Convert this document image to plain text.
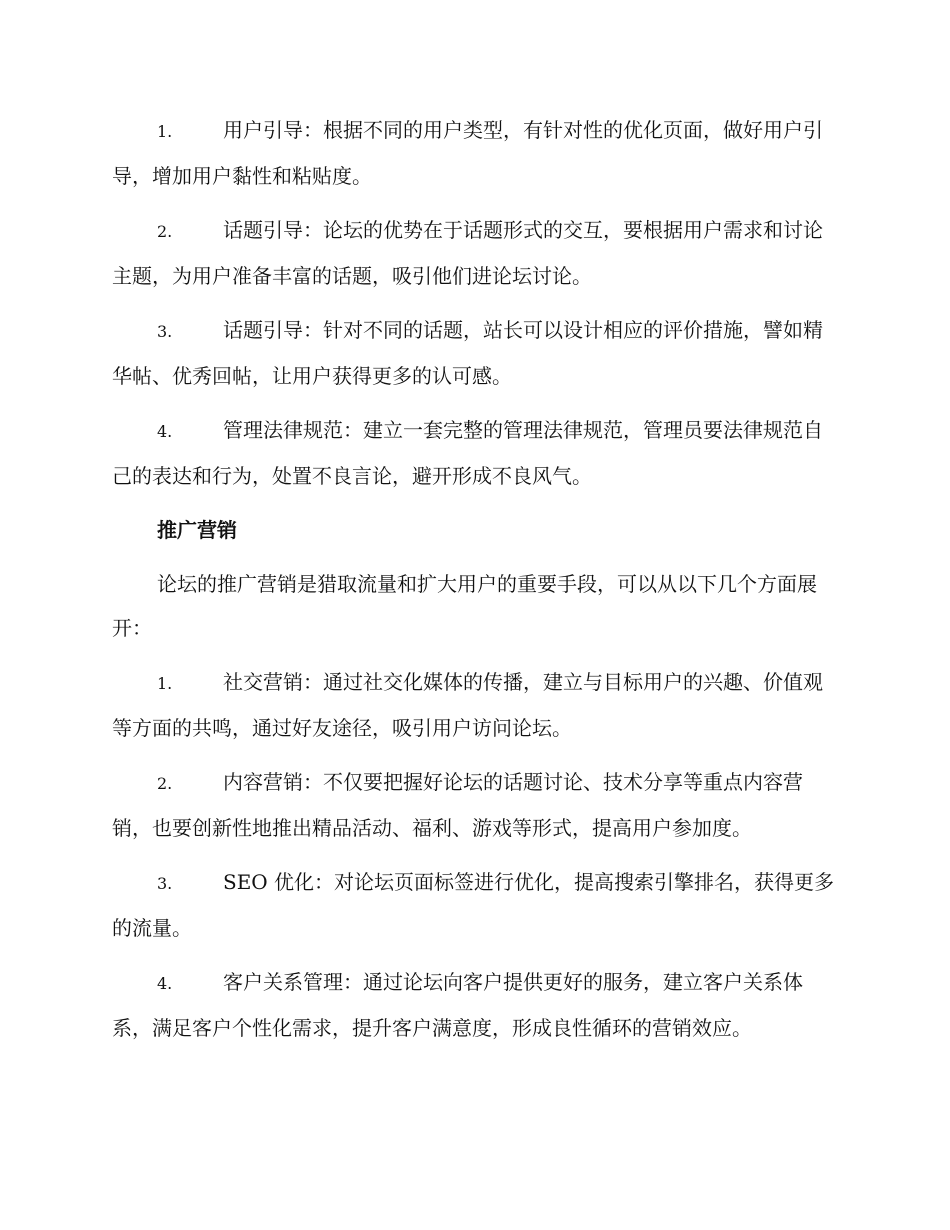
1.	用户引导：根据不同的用户类型，有针对性的优化页面，做好用户引导，增加用户黏性和粘贴度。

2.	话题引导：论坛的优势在于话题形式的交互，要根据用户需求和讨论主题，为用户准备丰富的话题，吸引他们进论坛讨论。

3.	话题引导：针对不同的话题，站长可以设计相应的评价措施，譬如精华帖、优秀回帖，让用户获得更多的认可感。

4.	管理法律规范：建立一套完整的管理法律规范，管理员要法律规范自己的表达和行为，处置不良言论，避开形成不良风气。

推广营销

论坛的推广营销是猎取流量和扩大用户的重要手段，可以从以下几个方面展开：

1.	社交营销：通过社交化媒体的传播，建立与目标用户的兴趣、价值观等方面的共鸣，通过好友途径，吸引用户访问论坛。

2.	内容营销：不仅要把握好论坛的话题讨论、技术分享等重点内容营销，也要创新性地推出精品活动、福利、游戏等形式，提高用户参加度。

3.	SEO 优化：对论坛页面标签进行优化，提高搜索引擎排名，获得更多的流量。

4.	客户关系管理：通过论坛向客户提供更好的服务，建立客户关系体系，满足客户个性化需求，提升客户满意度，形成良性循环的营销效应。
